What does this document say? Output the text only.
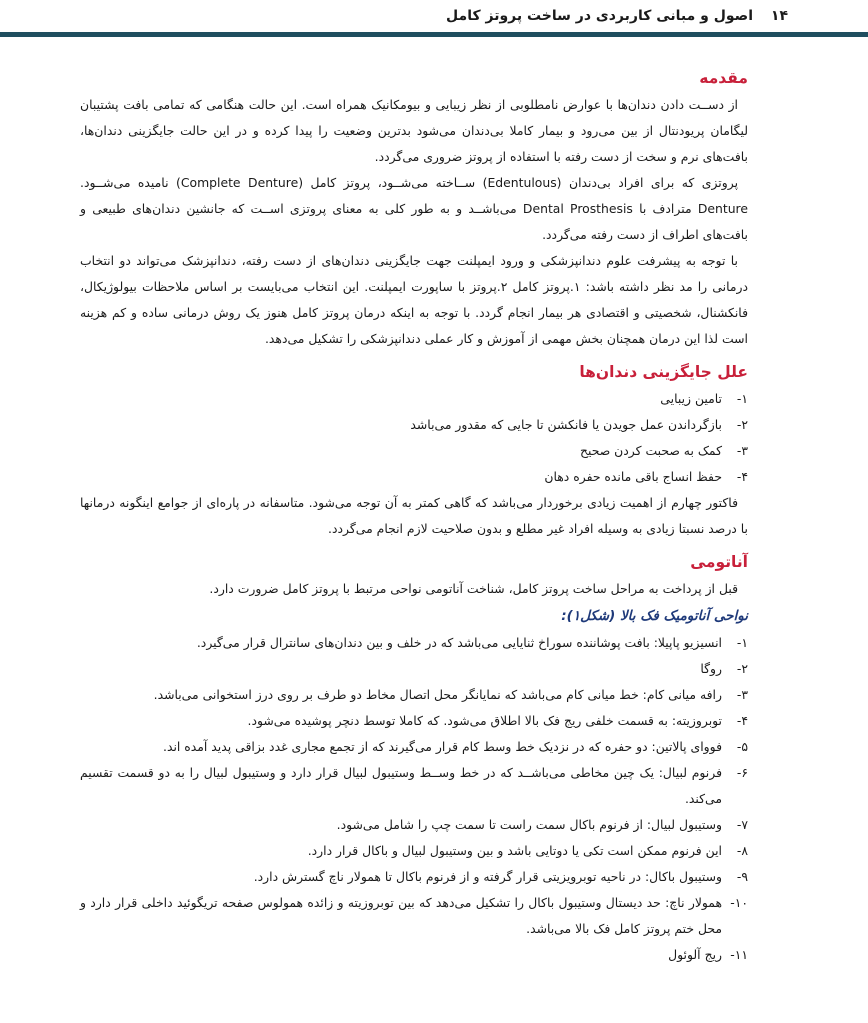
۱۴
اصول و مبانی کاربردی در ساخت پروتز کامل
مقدمه

از دســت دادن دندان‌ها با عوارض نامطلوبی از نظر زیبایی و بیومکانیک همراه است. این حالت هنگامی که تمامی بافت پشتیبان لیگامان پریودنتال از بین می‌رود و بیمار کاملا بی‌دندان می‌شود بدترین وضعیت را پیدا کرده و در این حالت جایگزینی دندان‌ها، بافت‌های نرم و سخت از دست رفته با استفاده از پروتز ضروری می‌گردد.

پروتزی که برای افراد بی‌دندان (Edentulous) ســاخته می‌شــود، پروتز کامل (Complete Denture) نامیده می‌شــود. Denture مترادف با Dental Prosthesis می‌باشــد و به طور کلی به معنای پروتزی اســت که جانشین دندان‌های طبیعی و بافت‌های اطراف از دست رفته می‌گردد.

با توجه به پیشرفت علوم دندانپزشکی و ورود ایمپلنت جهت جایگزینی دندان‌های از دست رفته، دندانپزشک می‌تواند دو انتخاب درمانی را مد نظر داشته باشد: ۱.پروتز کامل ۲.پروتز با ساپورت ایمپلنت. این انتخاب می‌بایست بر اساس ملاحظات بیولوژیکال، فانکشنال، شخصیتی و اقتصادی هر بیمار انجام گردد. با توجه به اینکه درمان پروتز کامل هنوز یک روش درمانی ساده و کم هزینه است لذا این درمان همچنان بخش مهمی از آموزش و کار عملی دندانپزشکی را تشکیل می‌دهد.

علل جایگزینی دندان‌ها
۱-
تامین زیبایی
۲-
بازگرداندن عمل جویدن یا فانکشن تا جایی که مقدور می‌باشد
۳-
کمک به صحبت کردن صحیح
۴-
حفظ انساج باقی مانده حفره دهان

فاکتور چهارم از اهمیت زیادی برخوردار می‌باشد که گاهی کمتر به آن توجه می‌شود. متاسفانه در پاره‌ای از جوامع اینگونه درمانها با درصد نسبتا زیادی به وسیله افراد غیر مطلع و بدون صلاحیت لازم انجام می‌گردد.

آناتومی

قبل از پرداخت به مراحل ساخت پروتز کامل، شناخت آناتومی نواحی مرتبط با پروتز کامل ضرورت دارد.

نواحی آناتومیک فک بالا (شکل۱):
۱-
انسیزیو پاپیلا: بافت پوشاننده سوراخ ثنایایی می‌باشد که در خلف و بین دندان‌های سانترال قرار می‌گیرد.
۲-
روگا
۳-
رافه میانی کام: خط میانی کام می‌باشد که نمایانگر محل اتصال مخاط دو طرف بر روی درز استخوانی می‌باشد.
۴-
توبروزیته: به قسمت خلفی ریج فک بالا اطلاق می‌شود. که کاملا توسط دنچر پوشیده می‌شود.
۵-
فووای پالاتین: دو حفره که در نزدیک خط وسط کام قرار می‌گیرند که از تجمع مجاری غدد بزاقی پدید آمده اند.
۶-
فرنوم لبیال: یک چین مخاطی می‌باشــد که در خط وســط وستیبول لبیال قرار دارد و وستیبول لبیال را به دو قسمت تقسیم می‌کند.
۷-
وستیبول لبیال: از فرنوم باکال سمت راست تا سمت چپ را شامل می‌شود.
۸-
این فرنوم ممکن است تکی یا دوتایی باشد و بین وستیبول لبیال و باکال قرار دارد.
۹-
وستیبول باکال: در ناحیه توبرویزیتی قرار گرفته و از فرنوم باکال تا همولار ناچ گسترش دارد.
۱۰-
همولار ناچ: حد دیستال وستیبول باکال را تشکیل می‌دهد که بین توبروزیته و زائده همولوس صفحه تریگوئید داخلی قرار دارد و محل ختم پروتز کامل فک بالا می‌باشد.
۱۱-
ریج آلوئول
